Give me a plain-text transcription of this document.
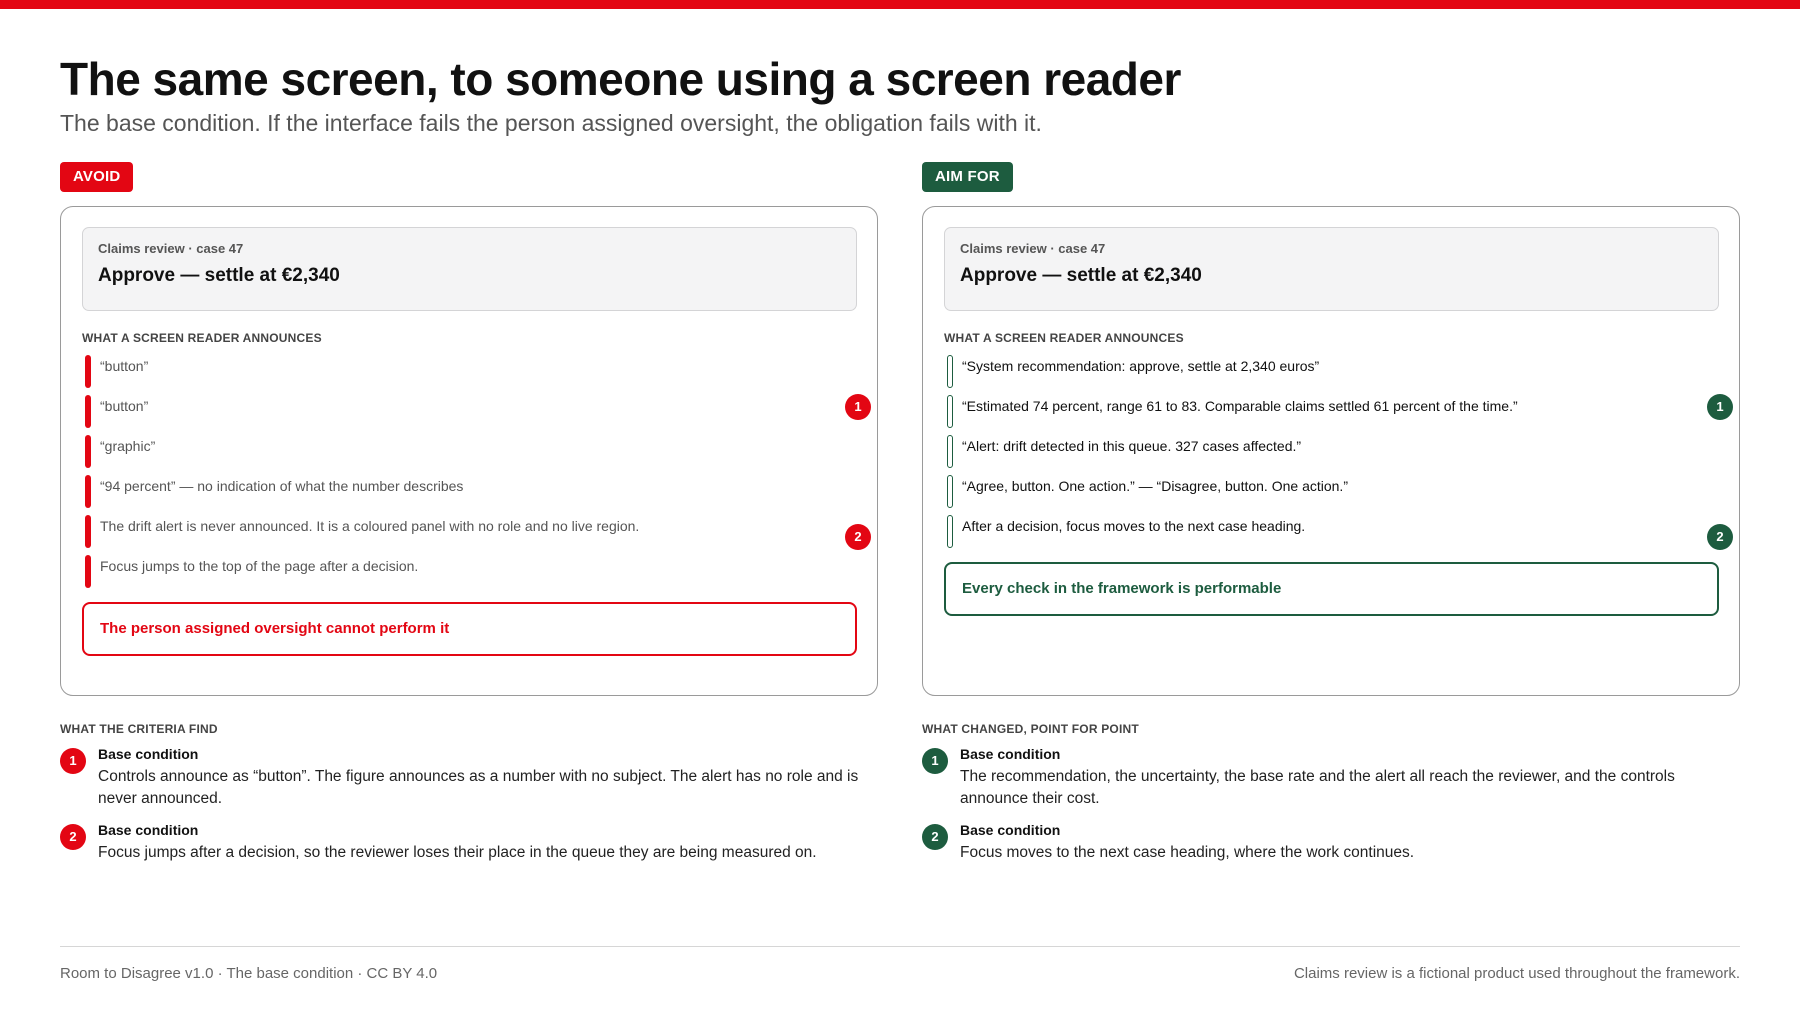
The same screen, to someone using a screen reader

The base condition. If the interface fails the person assigned oversight, the obligation fails with it.

AVOID
Claims review · case 47
Approve — settle at €2,340
WHAT A SCREEN READER ANNOUNCES
“button”
“button”
“graphic”
“94 percent” — no indication of what the number describes
The drift alert is never announced. It is a coloured panel with no role and no live region.
Focus jumps to the top of the page after a decision.
1
2
The person assigned oversight cannot perform it
WHAT THE CRITERIA FIND
1	Base condition
Controls announce as “button”. The figure announces as a number with no subject. The alert has no role and is never announced.
2	Base condition
Focus jumps after a decision, so the reviewer loses their place in the queue they are being measured on.
AIM FOR
Claims review · case 47
Approve — settle at €2,340
WHAT A SCREEN READER ANNOUNCES
“System recommendation: approve, settle at 2,340 euros”
“Estimated 74 percent, range 61 to 83. Comparable claims settled 61 percent of the time.”
“Alert: drift detected in this queue. 327 cases affected.”
“Agree, button. One action.” — “Disagree, button. One action.”
After a decision, focus moves to the next case heading.
1
2
Every check in the framework is performable
WHAT CHANGED, POINT FOR POINT
1	Base condition
The recommendation, the uncertainty, the base rate and the alert all reach the reviewer, and the controls announce their cost.
2	Base condition
Focus moves to the next case heading, where the work continues.
Room to Disagree v1.0 · The base condition · CC BY 4.0	Claims review is a fictional product used throughout the framework.
